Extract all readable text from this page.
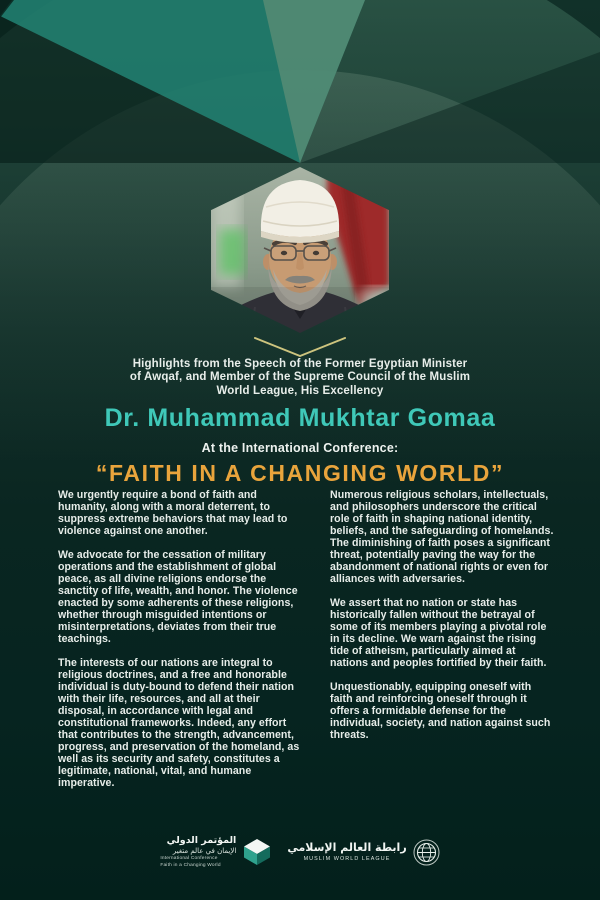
Highlights from the Speech of the Former Egyptian Minister
of Awqaf, and Member of the Supreme Council of the Muslim
World League, His Excellency
Dr. Muhammad Mukhtar Gomaa
At the International Conference:
“FAITH IN A CHANGING WORLD”

We urgently require a bond of faith and humanity, along with a moral deterrent, to suppress extreme behaviors that may lead to violence against one another.

We advocate for the cessation of military operations and the establishment of global peace, as all divine religions endorse the sanctity of life, wealth, and honor. The violence enacted by some adherents of these religions, whether through misguided intentions or misinterpretations, deviates from their true teachings.

The interests of our nations are integral to religious doctrines, and a free and honorable individual is duty-bound to defend their nation with their life, resources, and all at their disposal, in accordance with legal and constitutional frameworks. Indeed, any effort that contributes to the strength, advancement, progress, and preservation of the homeland, as well as its security and safety, constitutes a legitimate, national, vital, and humane imperative.

Numerous religious scholars, intellectuals, and philosophers underscore the critical role of faith in shaping national identity, beliefs, and the safeguarding of homelands. The diminishing of faith poses a significant threat, potentially paving the way for the abandonment of national rights or even for alliances with adversaries.

We assert that no nation or state has historically fallen without the betrayal of some of its members playing a pivotal role in its decline. We warn against the rising tide of atheism, particularly aimed at nations and peoples fortified by their faith.

Unquestionably, equipping oneself with faith and reinforcing oneself through it offers a formidable defense for the individual, society, and nation against such threats.

المؤتمر الدولي
الإيمان في عالم متغير
International Conference
Faith in a Changing World
رابطة العالم الإسلامي
MUSLIM WORLD LEAGUE
